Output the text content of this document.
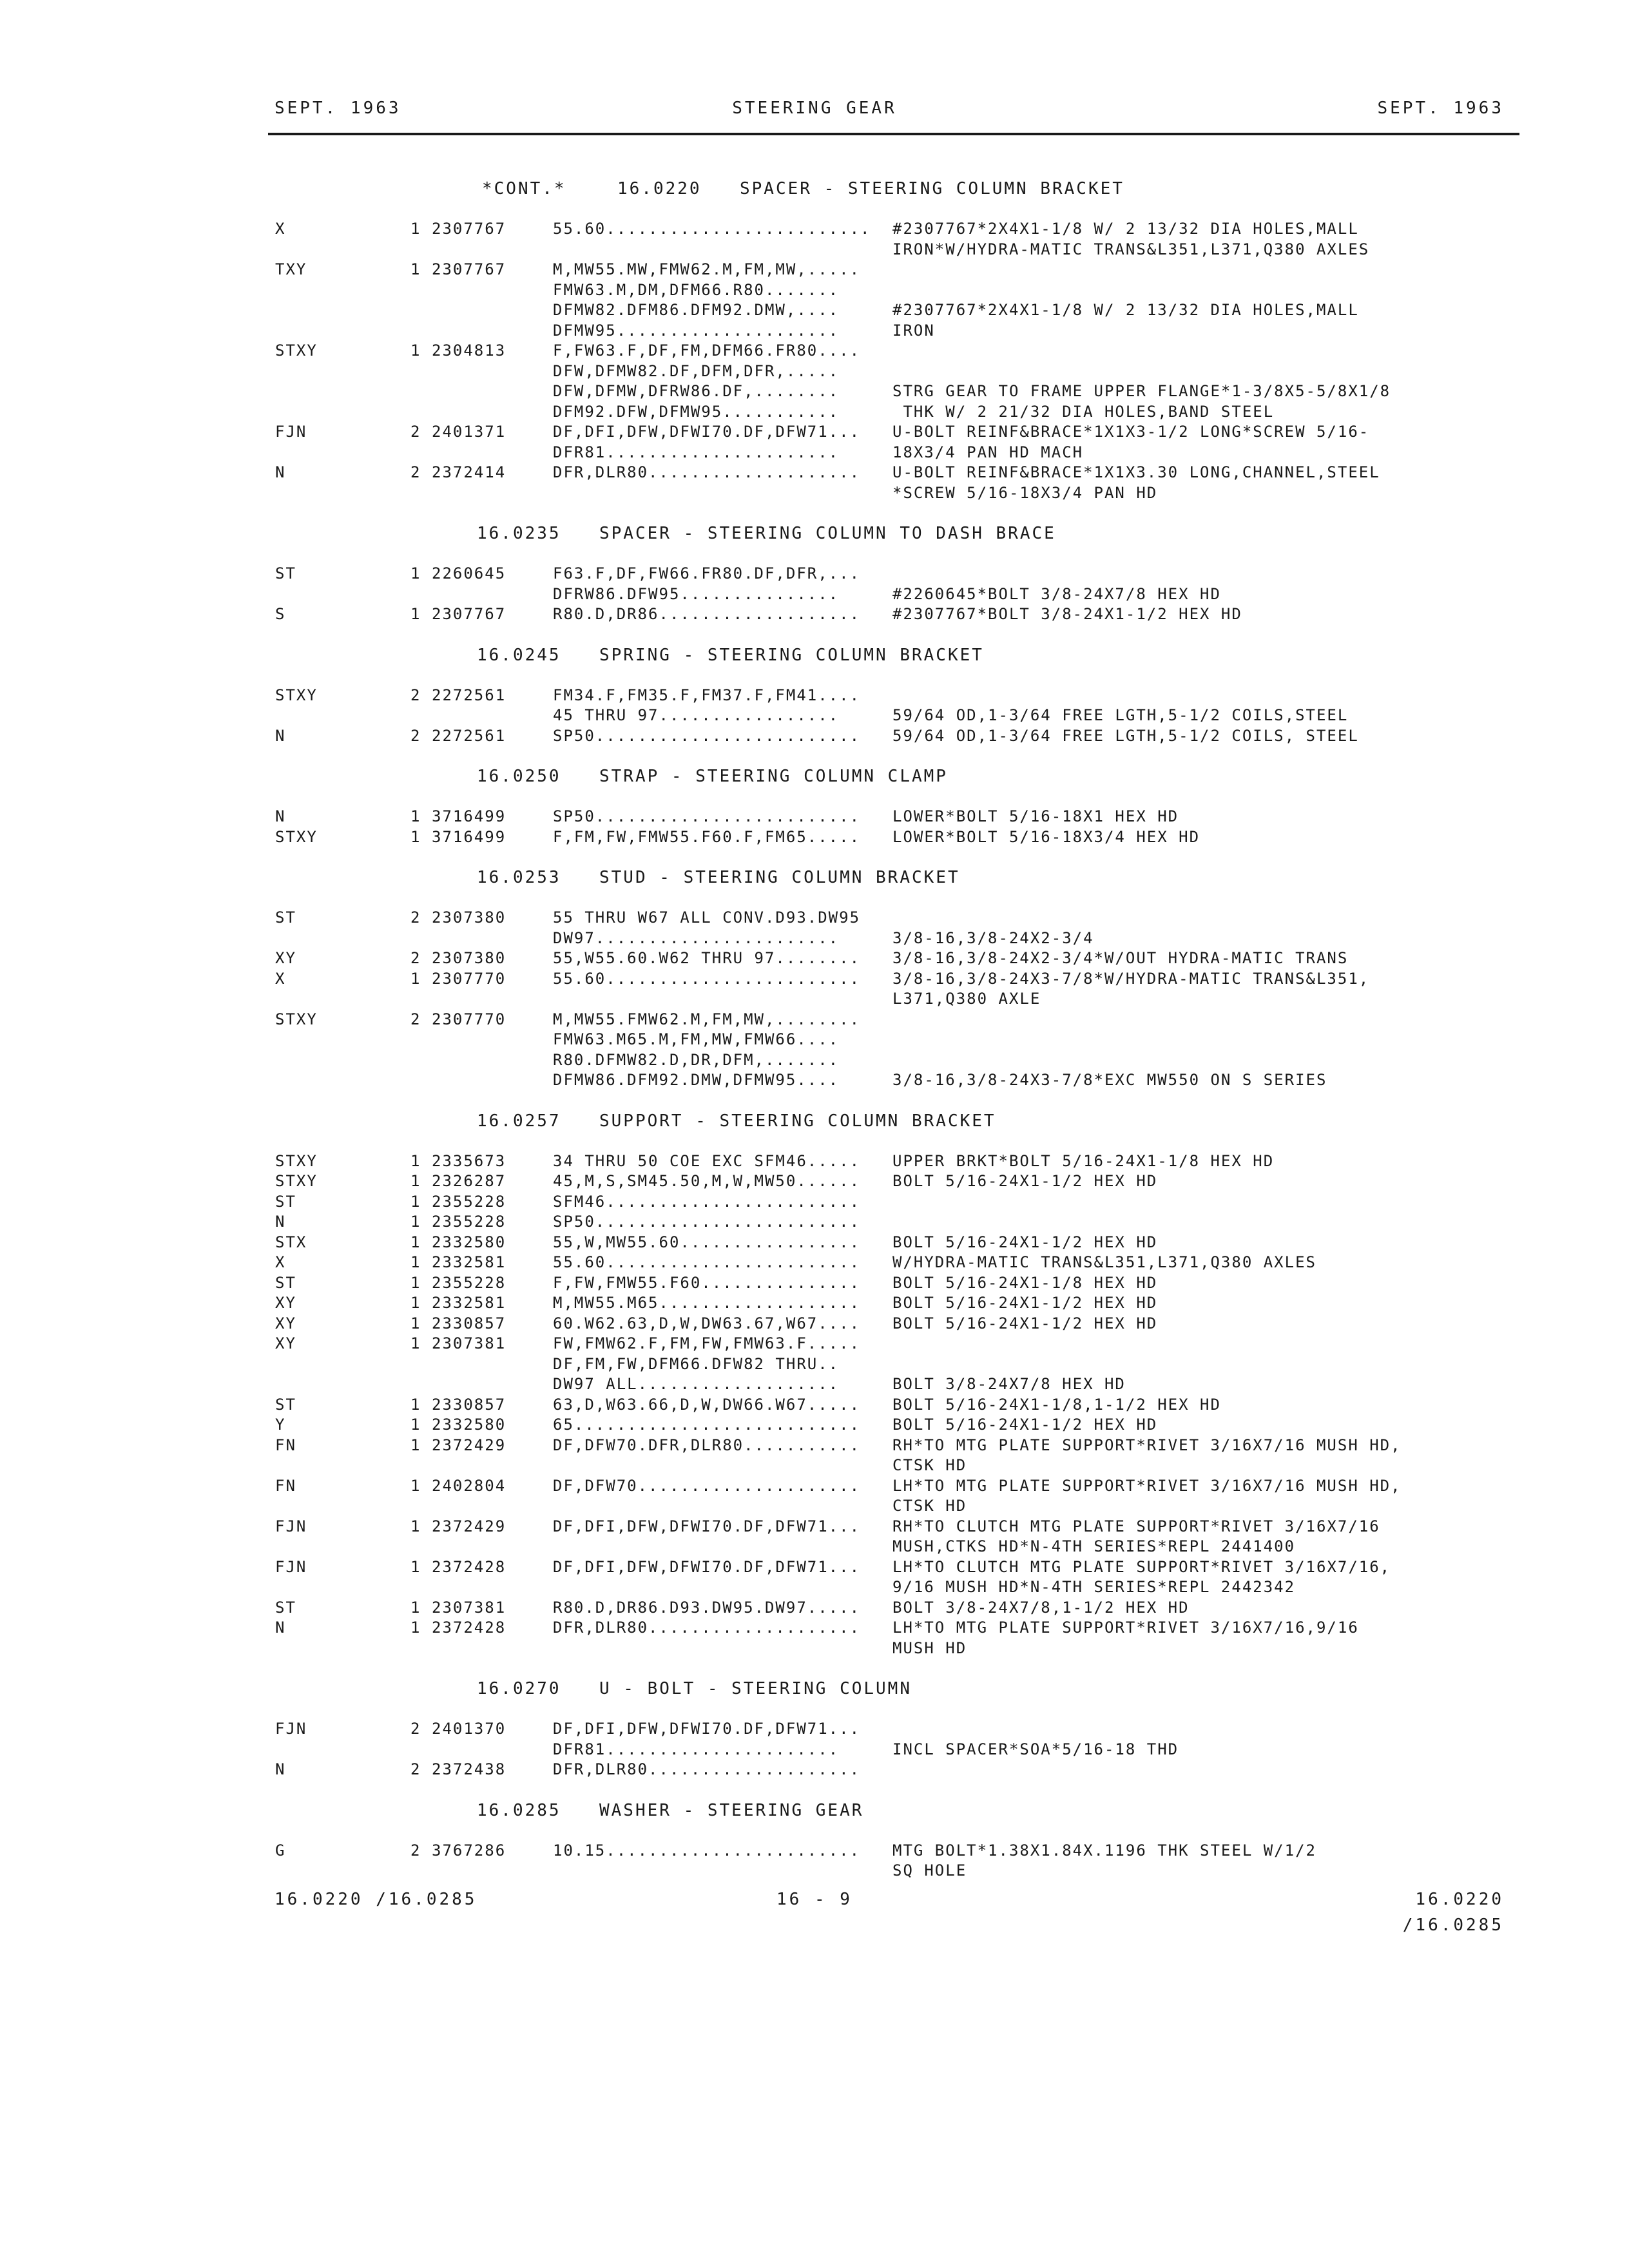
SEPT. 1963	STEERING GEAR	SEPT. 1963
*CONT.*	16.0220	SPACER - STEERING COLUMN BRACKET
X	1 2307767	55.60......................... #2307767*2X4X1-1/8 W/ 2 13/32 DIA HOLES,MALL
IRON*W/HYDRA-MATIC TRANS&L351,L371,Q380 AXLES
TXY	1 2307767	M,MW55.MW,FMW62.M,FM,MW,.....
FMW63.M,DM,DFM66.R80.......
DFMW82.DFM86.DFM92.DMW,....	#2307767*2X4X1-1/8 W/ 2 13/32 DIA HOLES,MALL
DFMW95.....................	IRON
STXY	1 2304813	F,FW63.F,DF,FM,DFM66.FR80....
DFW,DFMW82.DF,DFM,DFR,.....
DFW,DFMW,DFRW86.DF,........	STRG GEAR TO FRAME UPPER FLANGE*1-3/8X5-5/8X1/8
DFM92.DFW,DFMW95...........	THK W/ 2 21/32 DIA HOLES,BAND STEEL
FJN	2 2401371	DF,DFI,DFW,DFWI70.DF,DFW71... U-BOLT REINF&BRACE*1X1X3-1/2 LONG*SCREW 5/16-
DFR81......................	18X3/4 PAN HD MACH
N	2 2372414	DFR,DLR80.................... U-BOLT REINF&BRACE*1X1X3.30 LONG,CHANNEL,STEEL
*SCREW 5/16-18X3/4 PAN HD
16.0235	SPACER - STEERING COLUMN TO DASH BRACE
ST	1 2260645	F63.F,DF,FW66.FR80.DF,DFR,...
DFRW86.DFW95...............	#2260645*BOLT 3/8-24X7/8 HEX HD
S	1 2307767	R80.D,DR86................... #2307767*BOLT 3/8-24X1-1/2 HEX HD
16.0245	SPRING - STEERING COLUMN BRACKET
STXY	2 2272561	FM34.F,FM35.F,FM37.F,FM41....
45 THRU 97.................	59/64 OD,1-3/64 FREE LGTH,5-1/2 COILS,STEEL
N	2 2272561	SP50......................... 59/64 OD,1-3/64 FREE LGTH,5-1/2 COILS, STEEL
16.0250	STRAP - STEERING COLUMN CLAMP
N	1 3716499	SP50......................... LOWER*BOLT 5/16-18X1 HEX HD
STXY	1 3716499	F,FM,FW,FMW55.F60.F,FM65..... LOWER*BOLT 5/16-18X3/4 HEX HD
16.0253	STUD - STEERING COLUMN BRACKET
ST	2 2307380	55 THRU W67 ALL CONV.D93.DW95
DW97.......................	3/8-16,3/8-24X2-3/4
XY	2 2307380	55,W55.60.W62 THRU 97........ 3/8-16,3/8-24X2-3/4*W/OUT HYDRA-MATIC TRANS
X	1 2307770	55.60........................ 3/8-16,3/8-24X3-7/8*W/HYDRA-MATIC TRANS&L351,
L371,Q380 AXLE
STXY	2 2307770	M,MW55.FMW62.M,FM,MW,........
FMW63.M65.M,FM,MW,FMW66....
R80.DFMW82.D,DR,DFM,.......
DFMW86.DFM92.DMW,DFMW95....	3/8-16,3/8-24X3-7/8*EXC MW550 ON S SERIES
16.0257	SUPPORT - STEERING COLUMN BRACKET
STXY	1 2335673	34 THRU 50 COE EXC SFM46..... UPPER BRKT*BOLT 5/16-24X1-1/8 HEX HD
STXY	1 2326287	45,M,S,SM45.50,M,W,MW50...... BOLT 5/16-24X1-1/2 HEX HD
ST	1 2355228	SFM46........................
N	1 2355228	SP50.........................
STX	1 2332580	55,W,MW55.60................. BOLT 5/16-24X1-1/2 HEX HD
X	1 2332581	55.60........................ W/HYDRA-MATIC TRANS&L351,L371,Q380 AXLES
ST	1 2355228	F,FW,FMW55.F60............... BOLT 5/16-24X1-1/8 HEX HD
XY	1 2332581	M,MW55.M65................... BOLT 5/16-24X1-1/2 HEX HD
XY	1 2330857	60.W62.63,D,W,DW63.67,W67.... BOLT 5/16-24X1-1/2 HEX HD
XY	1 2307381	FW,FMW62.F,FM,FW,FMW63.F.....
DF,FM,FW,DFM66.DFW82 THRU..
DW97 ALL...................	BOLT 3/8-24X7/8 HEX HD
ST	1 2330857	63,D,W63.66,D,W,DW66.W67..... BOLT 5/16-24X1-1/8,1-1/2 HEX HD
Y	1 2332580	65........................... BOLT 5/16-24X1-1/2 HEX HD
FN	1 2372429	DF,DFW70.DFR,DLR80........... RH*TO MTG PLATE SUPPORT*RIVET 3/16X7/16 MUSH HD,
CTSK HD
FN	1 2402804	DF,DFW70..................... LH*TO MTG PLATE SUPPORT*RIVET 3/16X7/16 MUSH HD,
CTSK HD
FJN	1 2372429	DF,DFI,DFW,DFWI70.DF,DFW71... RH*TO CLUTCH MTG PLATE SUPPORT*RIVET 3/16X7/16
MUSH,CTKS HD*N-4TH SERIES*REPL 2441400
FJN	1 2372428	DF,DFI,DFW,DFWI70.DF,DFW71... LH*TO CLUTCH MTG PLATE SUPPORT*RIVET 3/16X7/16,
9/16 MUSH HD*N-4TH SERIES*REPL 2442342
ST	1 2307381	R80.D,DR86.D93.DW95.DW97..... BOLT 3/8-24X7/8,1-1/2 HEX HD
N	1 2372428	DFR,DLR80.................... LH*TO MTG PLATE SUPPORT*RIVET 3/16X7/16,9/16
MUSH HD
16.0270	U - BOLT - STEERING COLUMN
FJN	2 2401370	DF,DFI,DFW,DFWI70.DF,DFW71...
DFR81......................	INCL SPACER*SOA*5/16-18 THD
N	2 2372438	DFR,DLR80....................
16.0285	WASHER - STEERING GEAR
G	2 3767286	10.15........................ MTG BOLT*1.38X1.84X.1196 THK STEEL W/1/2
SQ HOLE
16.0220 /16.0285	16 - 9	16.0220 /16.0285
